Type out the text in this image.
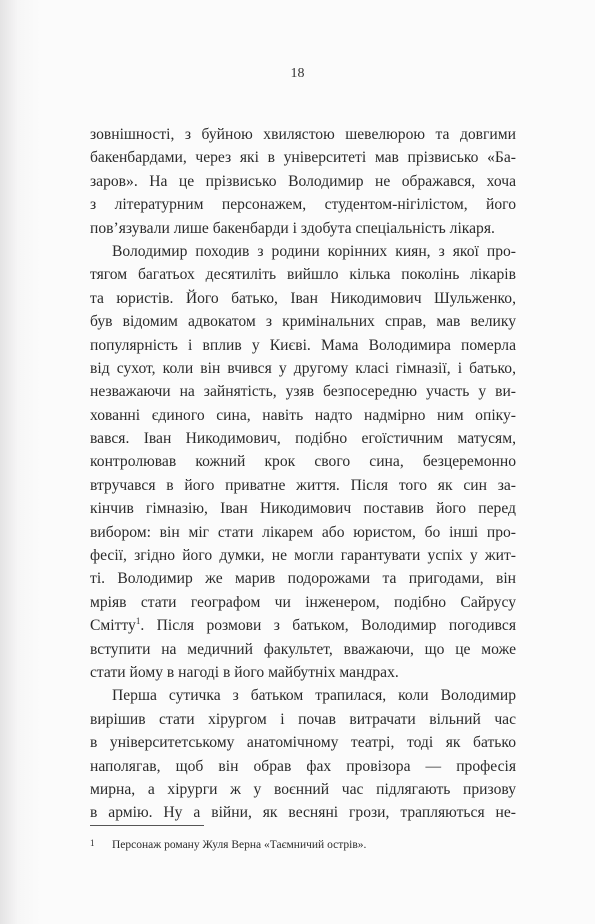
18
зовнішності, з буйною хвилястою шевелюрою та довгими
бакенбардами, через які в університеті мав прізвисько «Ба-
заров». На це прізвисько Володимир не ображався, хоча
з літературним персонажем, студентом-нігілістом, його
пов’язували лише бакенбарди і здобута спеціальність лікаря.
Володимир походив з родини корінних киян, з якої про-
тягом багатьох десятиліть вийшло кілька поколінь лікарів
та юристів. Його батько, Іван Никодимович Шульженко,
був відомим адвокатом з кримінальних справ, мав велику
популярність і вплив у Києві. Мама Володимира померла
від сухот, коли він вчився у другому класі гімназії, і батько,
незважаючи на зайнятість, узяв безпосередню участь у ви-
хованні єдиного сина, навіть надто надмірно ним опіку-
вався. Іван Никодимович, подібно егоїстичним матусям,
контролював кожний крок свого сина, безцеремонно
втручався в його приватне життя. Після того як син за-
кінчив гімназію, Іван Никодимович поставив його перед
вибором: він міг стати лікарем або юристом, бо інші про-
фесії, згідно його думки, не могли гарантувати успіх у жит-
ті. Володимир же марив подорожами та пригодами, він
мріяв стати географом чи інженером, подібно Сайрусу
Смітту$^1$. Після розмови з батьком, Володимир погодився
вступити на медичний факультет, вважаючи, що це може
стати йому в нагоді в його майбутніх мандрах.
Перша сутичка з батьком трапилася, коли Володимир
вирішив стати хірургом і почав витрачати вільний час
в університетському анатомічному театрі, тоді як батько
наполягав, щоб він обрав фах провізора — професія
мирна, а хірурги ж у воєнний час підлягають призову
в армію. Ну а війни, як весняні грози, трапляються не-
1 Персонаж роману Жуля Верна «Таємничий острів».
